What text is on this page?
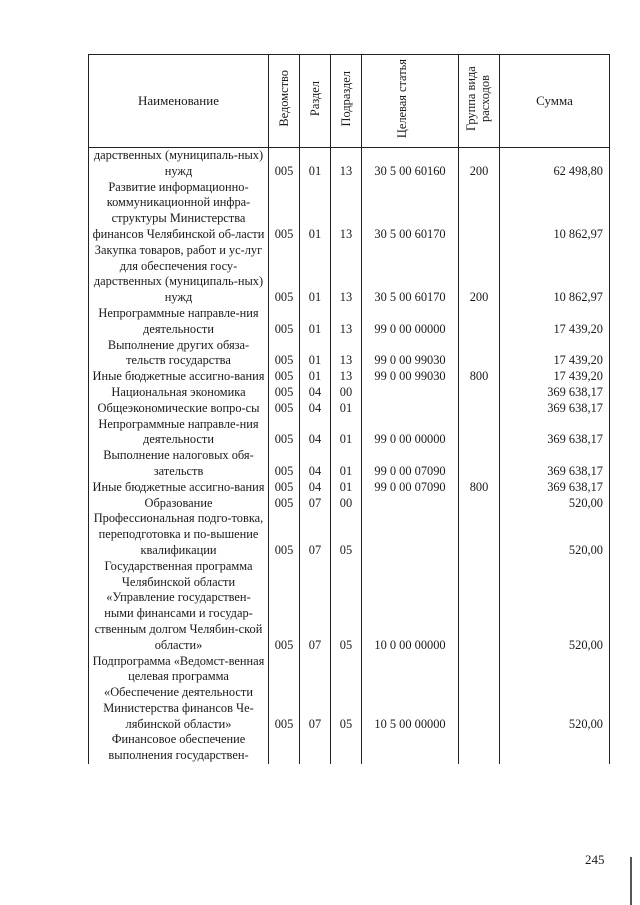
Наименование	Ведомство	Раздел	Подраздел	Целевая статья	Группа вида расходов	Сумма
дарственных (муниципаль-ных) нужд	005	01	13	30 5 00 60160	200	62 498,80
Развитие информационно-коммуникационной инфра-структуры Министерства финансов Челябинской об-ласти	005	01	13	30 5 00 60170		10 862,97
Закупка товаров, работ и ус-луг для обеспечения госу-дарственных (муниципаль-ных) нужд	005	01	13	30 5 00 60170	200	10 862,97
Непрограммные направле-ния деятельности	005	01	13	99 0 00 00000		17 439,20
Выполнение других обяза-тельств государства	005	01	13	99 0 00 99030		17 439,20
Иные бюджетные ассигно-вания	005	01	13	99 0 00 99030	800	17 439,20
Национальная экономика	005	04	00			369 638,17
Общеэкономические вопро-сы	005	04	01			369 638,17
Непрограммные направле-ния деятельности	005	04	01	99 0 00 00000		369 638,17
Выполнение налоговых обя-зательств	005	04	01	99 0 00 07090		369 638,17
Иные бюджетные ассигно-вания	005	04	01	99 0 00 07090	800	369 638,17
Образование	005	07	00			520,00
Профессиональная подго-товка, переподготовка и по-вышение квалификации	005	07	05			520,00
Государственная программа Челябинской области «Управление государствен-ными финансами и государ-ственным долгом Челябин-ской области»	005	07	05	10 0 00 00000		520,00
Подпрограмма «Ведомст-венная целевая программа «Обеспечение деятельности Министерства финансов Че-лябинской области»	005	07	05	10 5 00 00000		520,00
Финансовое обеспечение выполнения государствен-						
245
